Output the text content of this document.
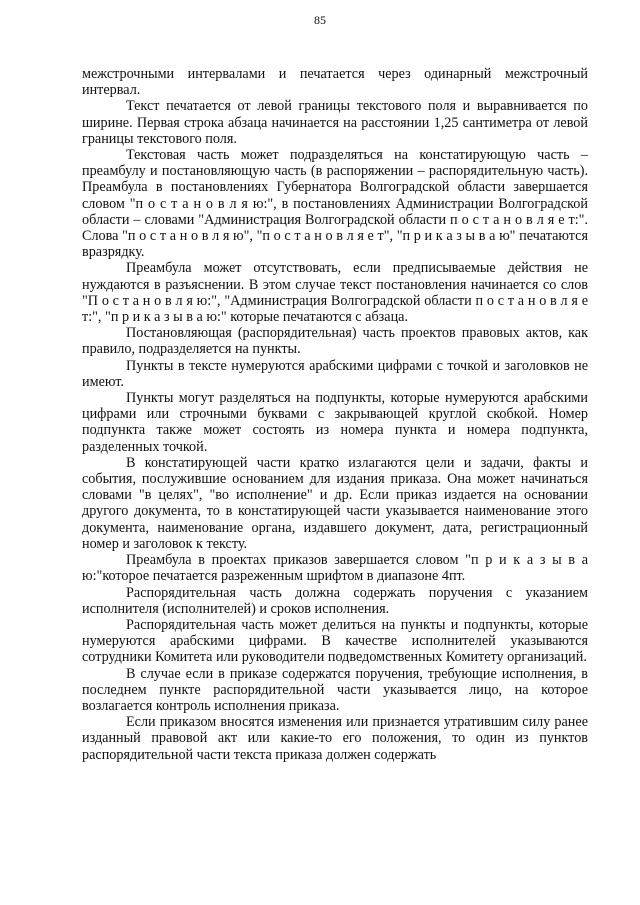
85

межстрочными интервалами и печатается через одинарный межстрочный интервал.

Текст печатается от левой границы текстового поля и выравнивается по ширине. Первая строка абзаца начинается на расстоянии 1,25 сантиметра от левой границы текстового поля.

Текстовая часть может подразделяться на констатирующую часть – преамбулу и постановляющую часть (в распоряжении – распорядительную часть). Преамбула в постановлениях Губернатора Волгоградской области завершается словом "п о с т а н о в л я ю:", в постановлениях Администрации Волгоградской области – словами "Администрация Волгоградской области п о с т а н о в л я е т:". Слова "п о с т а н о в л я ю", "п о с т а н о в л я е т", "п р и к а з ы в а ю" печатаются вразрядку.

Преамбула может отсутствовать, если предписываемые действия не нуждаются в разъяснении. В этом случае текст постановления начинается со слов "П о с т а н о в л я ю:", "Администрация Волгоградской области п о с т а н о в л я е т:", "п р и к а з ы в а ю:" которые печатаются с абзаца.

Постановляющая (распорядительная) часть проектов правовых актов, как правило, подразделяется на пункты.

Пункты в тексте нумеруются арабскими цифрами с точкой и заголовков не имеют.

Пункты могут разделяться на подпункты, которые нумеруются арабскими цифрами или строчными буквами с закрывающей круглой скобкой. Номер подпункта также может состоять из номера пункта и номера подпункта, разделенных точкой.

В констатирующей части кратко излагаются цели и задачи, факты и события, послужившие основанием для издания приказа. Она может начинаться словами "в целях", "во исполнение" и др. Если приказ издается на основании другого документа, то в констатирующей части указывается наименование этого документа, наименование органа, издавшего документ, дата, регистрационный номер и заголовок к тексту.

Преамбула в проектах приказов завершается словом "п р и к а з ы в а ю:"которое печатается разреженным шрифтом в диапазоне 4пт.

Распорядительная часть должна содержать поручения с указанием исполнителя (исполнителей) и сроков исполнения.

Распорядительная часть может делиться на пункты и подпункты, которые нумеруются арабскими цифрами. В качестве исполнителей указываются сотрудники Комитета или руководители подведомственных Комитету организаций.

В случае если в приказе содержатся поручения, требующие исполнения, в последнем пункте распорядительной части указывается лицо, на которое возлагается контроль исполнения приказа.

Если приказом вносятся изменения или признается утратившим силу ранее изданный правовой акт или какие-то его положения, то один из пунктов распорядительной части текста приказа должен содержать
